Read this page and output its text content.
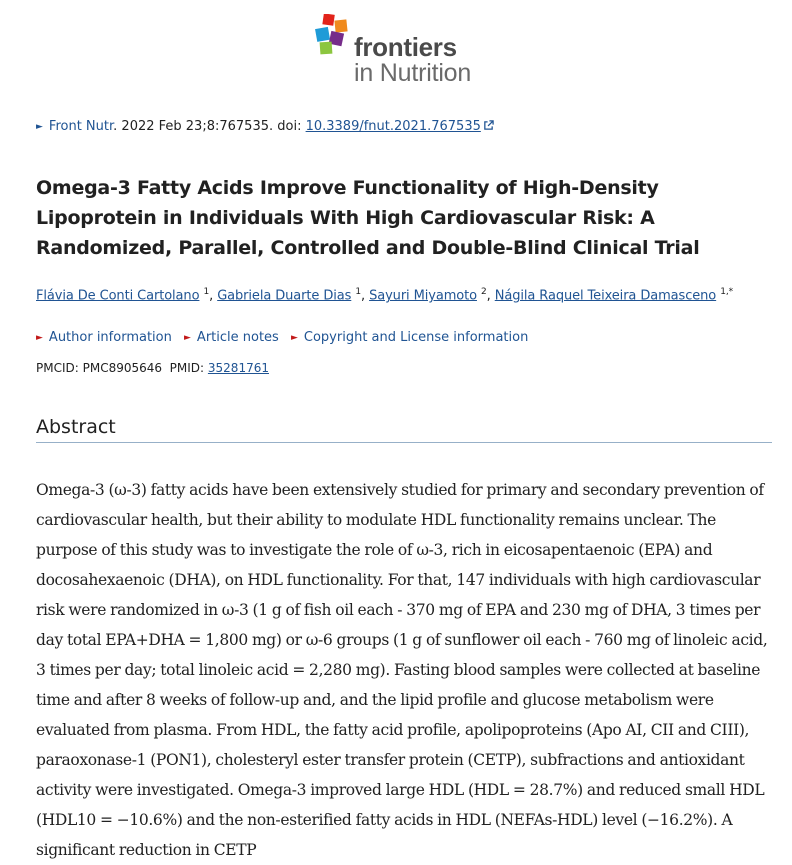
frontiers
in Nutrition
► Front Nutr. 2022 Feb 23;8:767535. doi: 10.3389/fnut.2021.767535
Omega-3 Fatty Acids Improve Functionality of High-Density Lipoprotein in Individuals With High Cardiovascular Risk: A Randomized, Parallel, Controlled and Double-Blind Clinical Trial
Flávia De Conti Cartolano $^1$, Gabriela Duarte Dias $^1$, Sayuri Miyamoto $^2$, Nágila Raquel Teixeira Damasceno $^{1,*}$
► Author information ► Article notes ► Copyright and License information
PMCID: PMC8905646 PMID: 35281761
Abstract

Omega-3 (ω-3) fatty acids have been extensively studied for primary and secondary prevention of cardiovascular health, but their ability to modulate HDL functionality remains unclear. The purpose of this study was to investigate the role of ω-3, rich in eicosapentaenoic (EPA) and docosahexaenoic (DHA), on HDL functionality. For that, 147 individuals with high cardiovascular risk were randomized in ω-3 (1 g of fish oil each - 370 mg of EPA and 230 mg of DHA, 3 times per day total EPA+DHA = 1,800 mg) or ω-6 groups (1 g of sunflower oil each - 760 mg of linoleic acid, 3 times per day; total linoleic acid = 2,280 mg). Fasting blood samples were collected at baseline time and after 8 weeks of follow-up and, and the lipid profile and glucose metabolism were evaluated from plasma. From HDL, the fatty acid profile, apolipoproteins (Apo AI, CII and CIII), paraoxonase-1 (PON1), cholesteryl ester transfer protein (CETP), subfractions and antioxidant activity were investigated. Omega-3 improved large HDL (HDL = 28.7%) and reduced small HDL (HDL10 = −10.6%) and the non-esterified fatty acids in HDL (NEFAs-HDL) level (−16.2%). A significant reduction in CETP
